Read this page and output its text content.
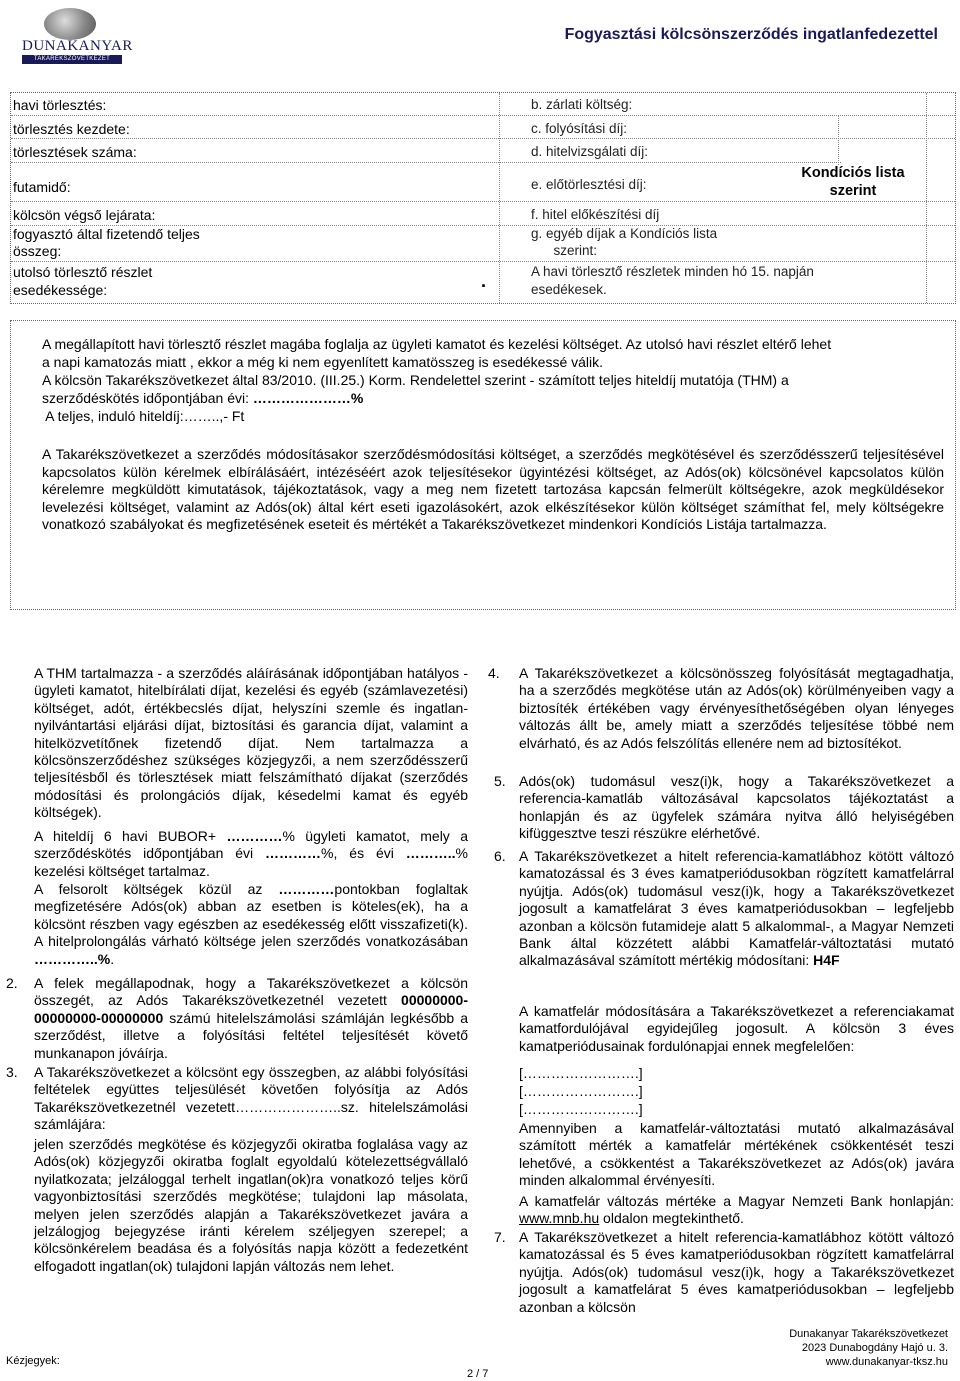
DUNAKANYAR
TAKARÉKSZÖVETKEZET
Fogyasztási kölcsönszerződés ingatlanfedezettel
havi törlesztés:
törlesztés kezdete:
törlesztések száma:
futamidő:
kölcsön végső lejárata:
fogyasztó által fizetendő teljes
összeg:
utolsó törlesztő részlet
esedékessége:	.
b. zárlati költség:
c. folyósítási díj:
d. hitelvizsgálati díj:
e. előtörlesztési díj:
f. hitel előkészítési díj
g. egyéb díjak a Kondíciós lista
szerint:
A havi törlesztő részletek minden hó 15. napján
esedékesek.
Kondíciós lista
szerint
A megállapított havi törlesztő részlet magába foglalja az ügyleti kamatot és kezelési költséget. Az utolsó havi részlet eltérő lehet
a napi kamatozás miatt , ekkor a még ki nem egyenlített kamatösszeg is esedékessé válik.
A kölcsön Takarékszövetkezet által 83/2010. (III.25.) Korm. Rendelettel szerint - számított teljes hiteldíj mutatója (THM) a
szerződéskötés időpontjában évi: …………………%
A teljes, induló hiteldíj:……..,- Ft
A Takarékszövetkezet a szerződés módosításakor szerződésmódosítási költséget, a szerződés megkötésével és szerződésszerű teljesítésével kapcsolatos külön kérelmek elbírálásáért, intézéséért azok teljesítésekor ügyintézési költséget, az Adós(ok) kölcsönével kapcsolatos külön kérelemre megküldött kimutatások, tájékoztatások, vagy a meg nem fizetett tartozása kapcsán felmerült költségekre, azok megküldésekor levelezési költséget, valamint az Adós(ok) által kért eseti igazolásokért, azok elkészítésekor külön költséget számíthat fel, mely költségekre vonatkozó szabályokat és megfizetésének eseteit és mértékét a Takarékszövetkezet mindenkori Kondíciós Listája tartalmazza.
A THM tartalmazza - a szerződés aláírásának időpontjában hatályos - ügyleti kamatot, hitelbírálati díjat, kezelési és egyéb (számlavezetési) költséget, adót, értékbecslés díjat, helyszíni szemle és ingatlan-nyilvántartási eljárási díjat, biztosítási és garancia díjat, valamint a hitelközvetítőnek fizetendő díjat. Nem tartalmazza a kölcsönszerződéshez szükséges közjegyzői, a nem szerződésszerű teljesítésből és törlesztések miatt felszámítható díjakat (szerződés módosítási és prolongációs díjak, késedelmi kamat és egyéb költségek).
A hiteldíj 6 havi BUBOR+ …………% ügyleti kamatot, mely a szerződéskötés időpontjában évi …………%, és évi ………..% kezelési költséget tartalmaz.
A felsorolt költségek közül az …………pontokban foglaltak megfizetésére Adós(ok) abban az esetben is köteles(ek), ha a kölcsönt részben vagy egészben az esedékesség előtt visszafizeti(k). A hitelprolongálás várható költsége jelen szerződés vonatkozásában …………..%.
2. A felek megállapodnak, hogy a Takarékszövetkezet a kölcsön összegét, az Adós Takarékszövetkezetnél vezetett 00000000-00000000-00000000 számú hitelelszámolási számláján legkésőbb a szerződést, illetve a folyósítási feltétel teljesítését követő munkanapon jóváírja.
3. A Takarékszövetkezet a kölcsönt egy összegben, az alábbi folyósítási feltételek együttes teljesülését követően folyósítja az Adós Takarékszövetkezetnél vezetett…………………..sz. hitelelszámolási számlájára:
jelen szerződés megkötése és közjegyzői okiratba foglalása vagy az Adós(ok) közjegyzői okiratba foglalt egyoldalú kötelezettségvállaló nyilatkozata; jelzáloggal terhelt ingatlan(ok)ra vonatkozó teljes körű vagyonbiztosítási szerződés megkötése; tulajdoni lap másolata, melyen jelen szerződés alapján a Takarékszövetkezet javára a jelzálogjog bejegyzése iránti kérelem széljegyen szerepel; a kölcsönkérelem beadása és a folyósítás napja között a fedezetként elfogadott ingatlan(ok) tulajdoni lapján változás nem lehet.
4. A Takarékszövetkezet a kölcsönösszeg folyósítását megtagadhatja, ha a szerződés megkötése után az Adós(ok) körülményeiben vagy a biztosíték értékében vagy érvényesíthetőségében olyan lényeges változás állt be, amely miatt a szerződés teljesítése többé nem elvárható, és az Adós felszólítás ellenére nem ad biztosítékot.
5. Adós(ok) tudomásul vesz(i)k, hogy a Takarékszövetkezet a referencia-kamatláb változásával kapcsolatos tájékoztatást a honlapján és az ügyfelek számára nyitva álló helyiségében kifüggesztve teszi részükre elérhetővé.
6. A Takarékszövetkezet a hitelt referencia-kamatlábhoz kötött változó kamatozással és 3 éves kamatperiódusokban rögzített kamatfelárral nyújtja. Adós(ok) tudomásul vesz(i)k, hogy a Takarékszövetkezet jogosult a kamatfelárat 3 éves kamatperiódusokban – legfeljebb azonban a kölcsön futamideje alatt 5 alkalommal-, a Magyar Nemzeti Bank által közzétett alábbi Kamatfelár-változtatási mutató alkalmazásával számított mértékig módosítani: H4F
A kamatfelár módosítására a Takarékszövetkezet a referenciakamat kamatfordulójával egyidejűleg jogosult. A kölcsön 3 éves kamatperiódusainak fordulónapjai ennek megfelelően:
[…………………….]
[…………………….]
[…………………….]
Amennyiben a kamatfelár-változtatási mutató alkalmazásával számított mérték a kamatfelár mértékének csökkentését teszi lehetővé, a csökkentést a Takarékszövetkezet az Adós(ok) javára minden alkalommal érvényesíti.
A kamatfelár változás mértéke a Magyar Nemzeti Bank honlapján: www.mnb.hu oldalon megtekinthető.
7. A Takarékszövetkezet a hitelt referencia-kamatlábhoz kötött változó kamatozással és 5 éves kamatperiódusokban rögzített kamatfelárral nyújtja. Adós(ok) tudomásul vesz(i)k, hogy a Takarékszövetkezet jogosult a kamatfelárat 5 éves kamatperiódusokban – legfeljebb azonban a kölcsön
Kézjegyek:
2 / 7
Dunakanyar Takarékszövetkezet
2023 Dunabogdány Hajó u. 3.
www.dunakanyar-tksz.hu
